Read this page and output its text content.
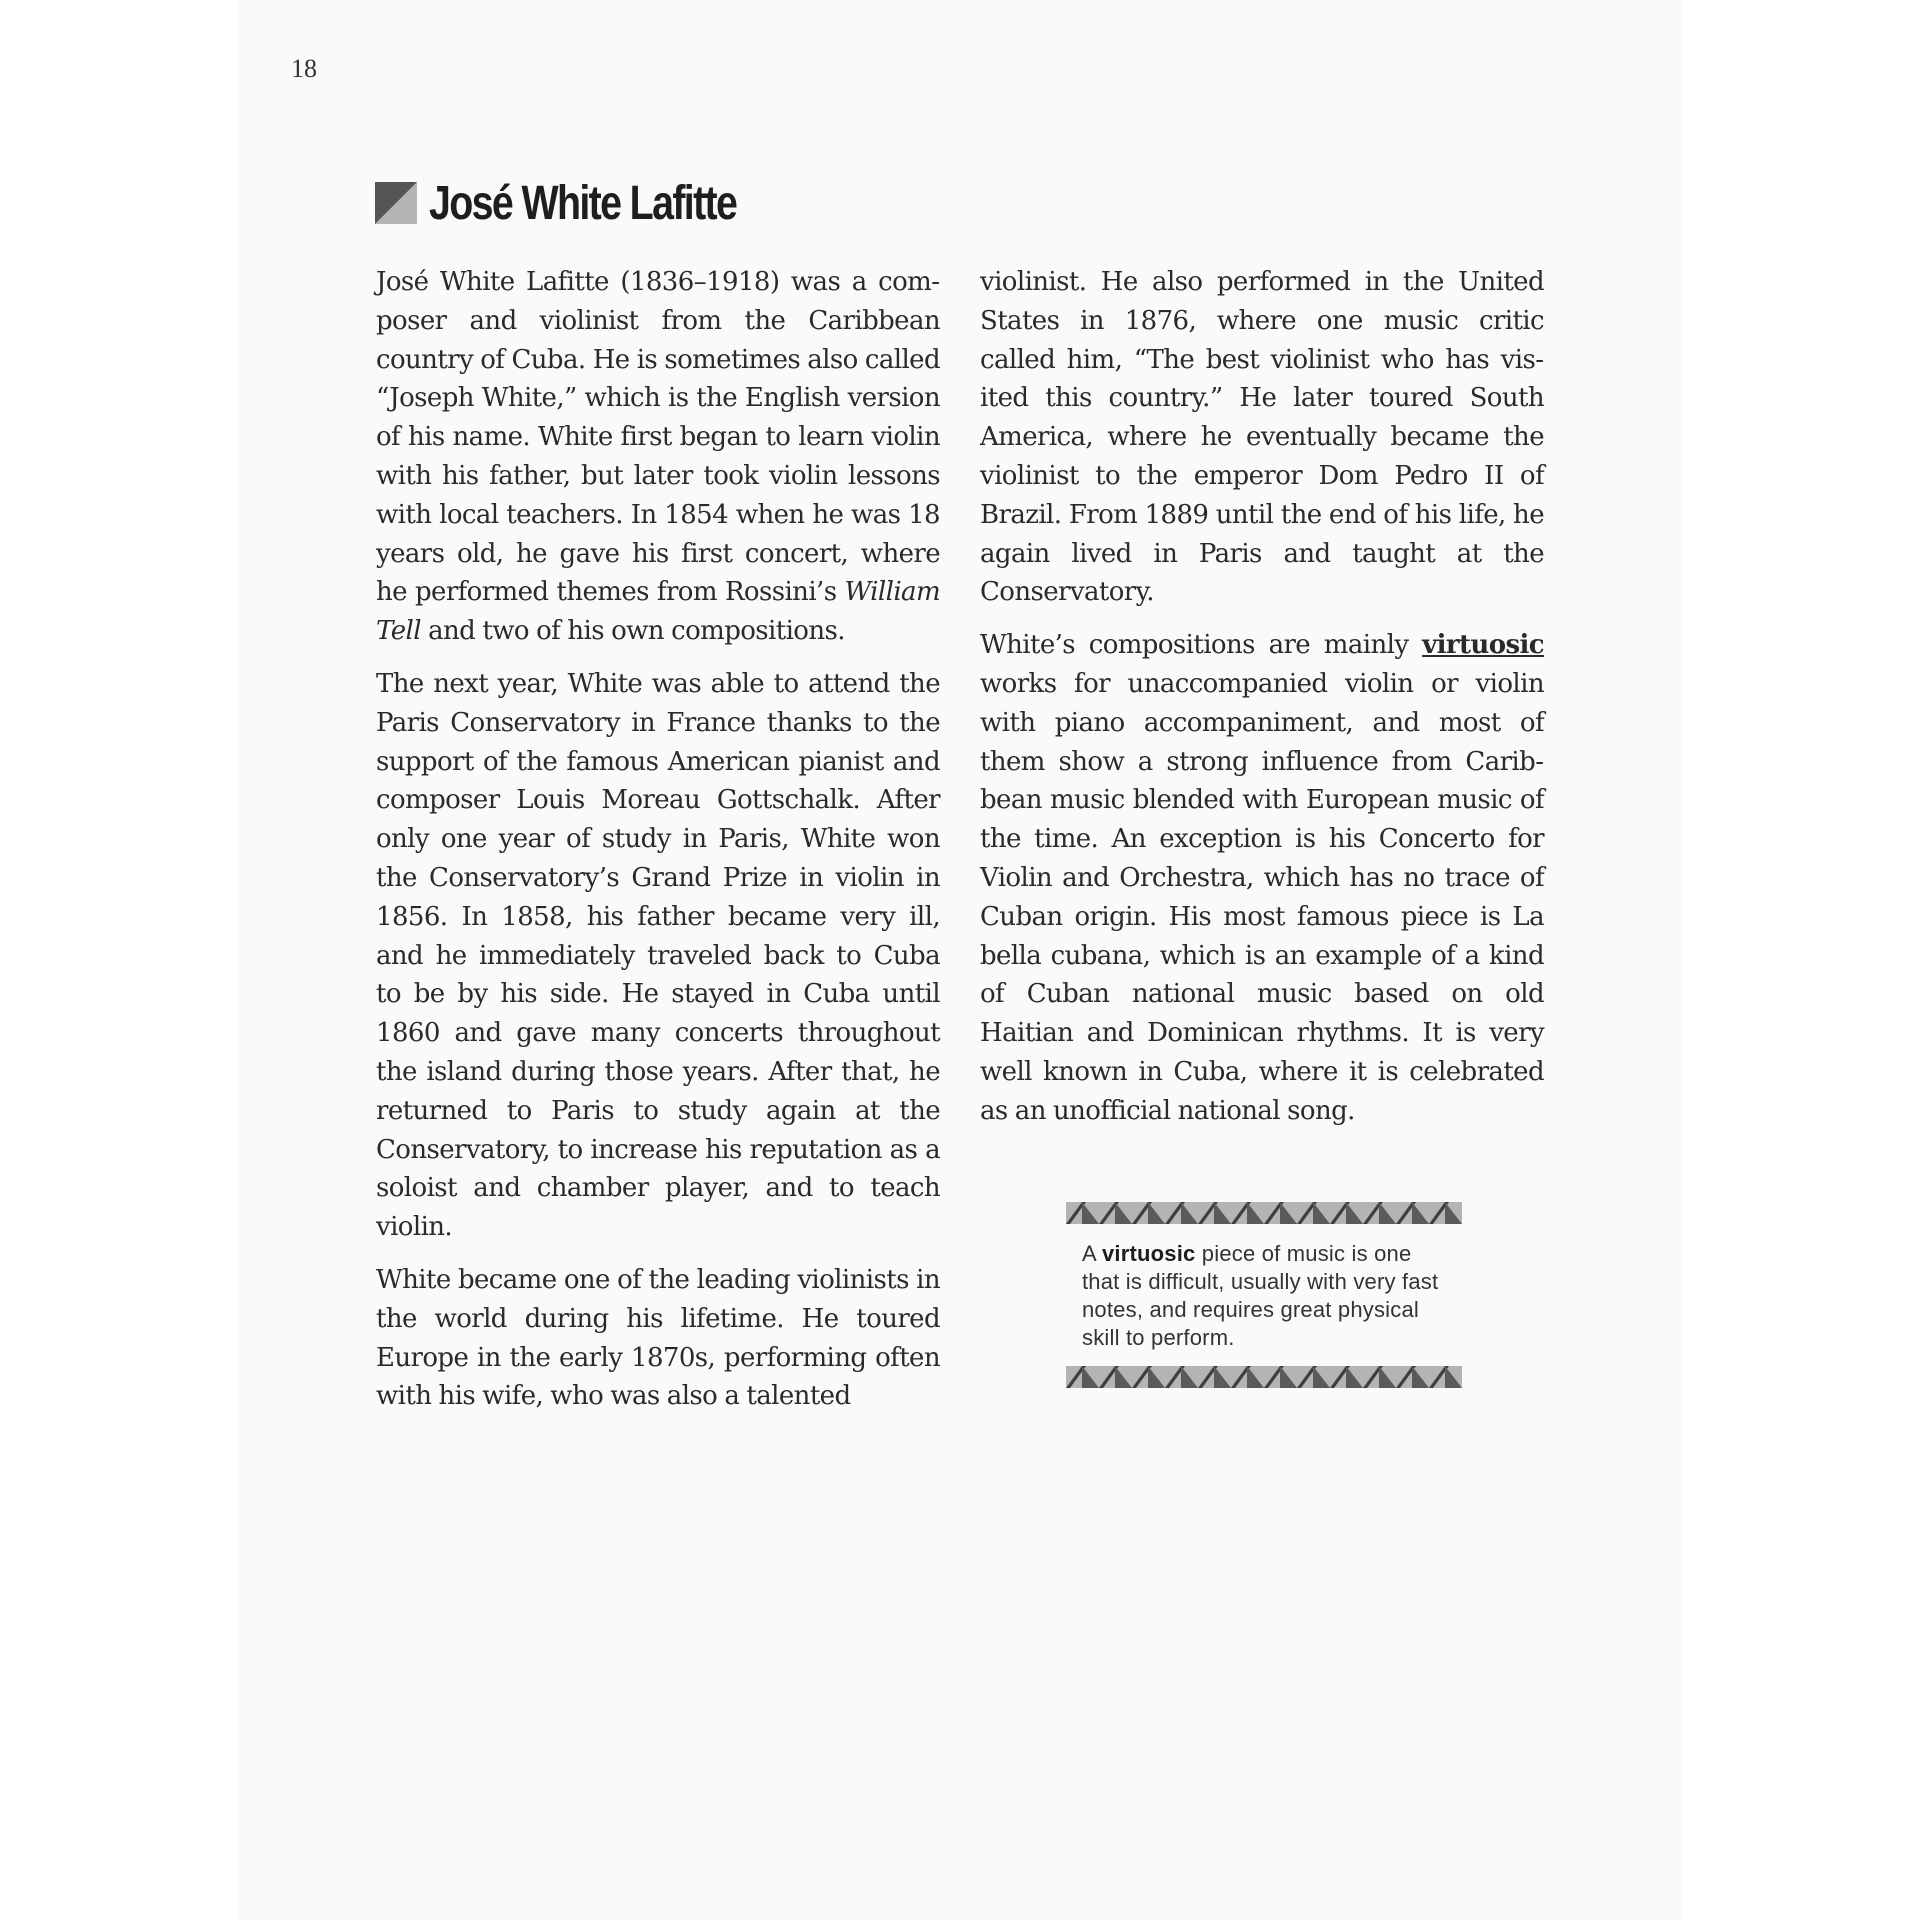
18
José White Lafitte

José White Lafitte (1836–1918) was a composer and violinist from the Caribbean country of Cuba. He is sometimes also called “Joseph White,” which is the English version of his name. White first began to learn violin with his father, but later took violin lessons with local teachers. In 1854 when he was 18 years old, he gave his first concert, where he performed themes from Rossini’s William Tell and two of his own compositions.

The next year, White was able to attend the Paris Conservatory in France thanks to the support of the famous American pianist and composer Louis Moreau Gottschalk. After only one year of study in Paris, White won the Conservatory’s Grand Prize in violin in 1856. In 1858, his father became very ill, and he immediately traveled back to Cuba to be by his side. He stayed in Cuba until 1860 and gave many concerts throughout the island during those years. After that, he returned to Paris to study again at the Conservatory, to increase his reputation as a soloist and chamber player, and to teach violin.

White became one of the leading violinists in the world during his lifetime. He toured Europe in the early 1870s, performing often with his wife, who was also a talented

violinist. He also performed in the United States in 1876, where one music critic called him, “The best violinist who has visited this country.” He later toured South America, where he eventually became the violinist to the emperor Dom Pedro II of Brazil. From 1889 until the end of his life, he again lived in Paris and taught at the Conservatory.

White’s compositions are mainly virtuosic works for unaccompanied violin or violin with piano accompaniment, and most of them show a strong influence from Caribbean music blended with European music of the time. An exception is his Concerto for Violin and Orchestra, which has no trace of Cuban origin. His most famous piece is La bella cubana, which is an example of a kind of Cuban national music based on old Haitian and Dominican rhythms. It is very well known in Cuba, where it is celebrated as an unofficial national song.

A virtuosic piece of music is one that is difficult, usually with very fast notes, and requires great physical skill to perform.
